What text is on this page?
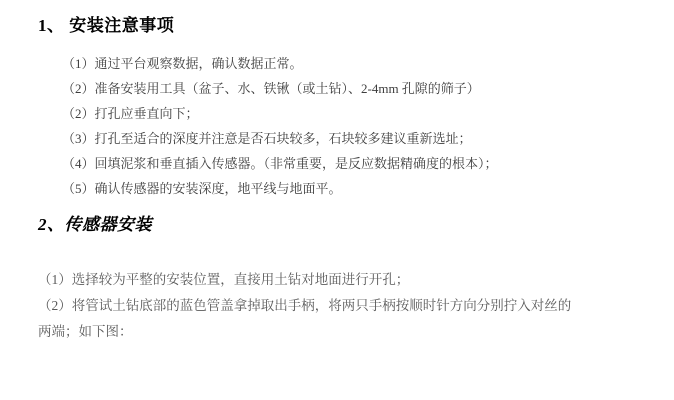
1、 安装注意事项

（1）通过平台观察数据，确认数据正常。

（2）准备安装用工具（盆子、水、铁锹（或土钻）、2-4mm 孔隙的筛子）

（2）打孔应垂直向下；

（3）打孔至适合的深度并注意是否石块较多，石块较多建议重新选址；

（4）回填泥浆和垂直插入传感器。（非常重要，是反应数据精确度的根本）；

（5）确认传感器的安装深度，地平线与地面平。

2、传感器安装

（1）选择较为平整的安装位置，直接用土钻对地面进行开孔；

（2）将管试土钻底部的蓝色管盖拿掉取出手柄，将两只手柄按顺时针方向分别拧入对丝的两端；如下图：
